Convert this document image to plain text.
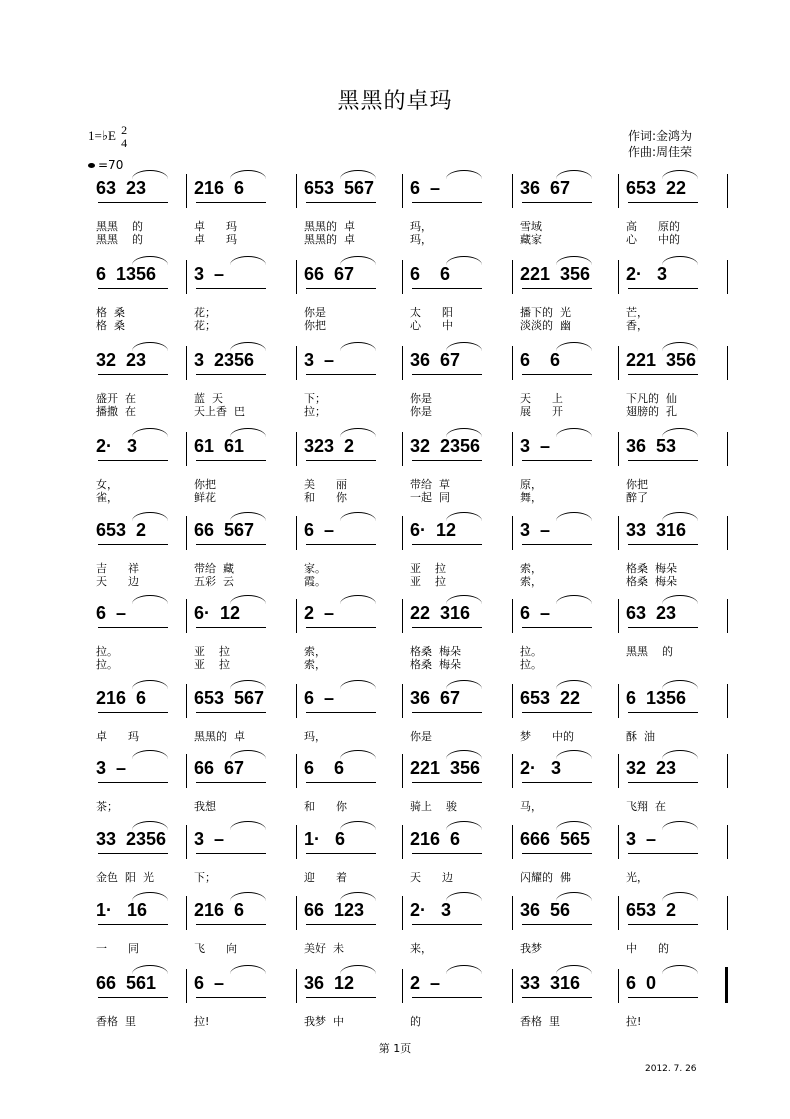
黑黑的卓玛
1=♭E 2
4
=70
作词:金鸿为
作曲:周佳荣
63  23
黑黑    的
黑黑    的
216  6
卓      玛
卓      玛
653  567
黑黑的  卓
黑黑的  卓
6  –
玛，
玛，
36  67
雪域
藏家
653  22
高      原的
心      中的
6  1356
格  桑
格  桑
3  –
花；
花；
66  67
你是
你把
6    6
太      阳
心      中
221  356
播下的  光
淡淡的  幽
2·   3
芒，
香，
32  23
盛开  在
播撒  在
3  2356
蓝  天
天上香  巴
3  –
下；
拉；
36  67
你是
你是
6    6
天      上
展      开
221  356
下凡的  仙
翅膀的  孔
2·   3
女，
雀，
61  61
你把
鲜花
323  2
美      丽
和      你
32  2356
带给  草
一起  同
3  –
原，
舞，
36  53
你把
醉了
653  2
吉      祥
天      边
66  567
带给  藏
五彩  云
6  –
家。
霞。
6·  12
亚    拉
亚    拉
3  –
索，
索，
33  316
格桑  梅朵
格桑  梅朵
6  –
拉。
拉。
6·  12
亚    拉
亚    拉
2  –
索，
索，
22  316
格桑  梅朵
格桑  梅朵
6  –
拉。
拉。
63  23
黑黑    的
216  6
卓      玛
653  567
黑黑的  卓
6  –
玛，
36  67
你是
653  22
梦      中的
6  1356
酥  油
3  –
茶；
66  67
我想
6    6
和      你
221  356
骑上    骏
2·   3
马，
32  23
飞翔  在
33  2356
金色  阳  光
3  –
下；
1·   6
迎      着
216  6
天      边
666  565
闪耀的  佛
3  –
光，
1·   16
一      同
216  6
飞      向
66  123
美好  未
2·   3
来，
36  56
我梦
653  2
中      的
66  561
香格  里
6  –
拉!
36  12
我梦  中
2  –
的
33  316
香格  里
6  0
拉!
第 1页
2012. 7. 26
